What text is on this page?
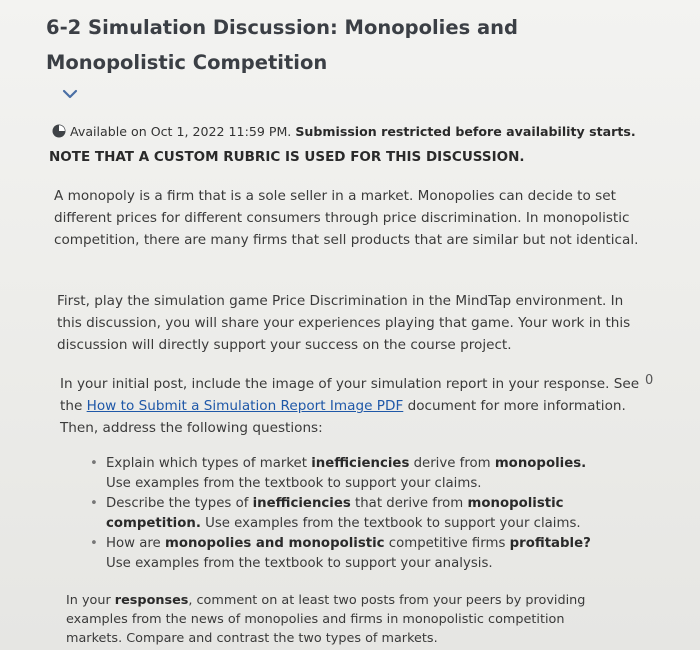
6-2 Simulation Discussion: Monopolies and Monopolistic Competition
Available on Oct 1, 2022 11:59 PM. Submission restricted before availability starts.
NOTE THAT A CUSTOM RUBRIC IS USED FOR THIS DISCUSSION.

A monopoly is a firm that is a sole seller in a market. Monopolies can decide to set different prices for different consumers through price discrimination. In monopolistic competition, there are many firms that sell products that are similar but not identical.

First, play the simulation game Price Discrimination in the MindTap environment. In this discussion, you will share your experiences playing that game. Your work in this discussion will directly support your success on the course project.

In your initial post, include the image of your simulation report in your response. See the How to Submit a Simulation Report Image PDF document for more information. Then, address the following questions:

0
• Explain which types of market inefficiencies derive from monopolies. Use examples from the textbook to support your claims.
• Describe the types of inefficiencies that derive from monopolistic competition. Use examples from the textbook to support your claims.
• How are monopolies and monopolistic competitive firms profitable? Use examples from the textbook to support your analysis.

In your responses, comment on at least two posts from your peers by providing examples from the news of monopolies and firms in monopolistic competition markets. Compare and contrast the two types of markets.
